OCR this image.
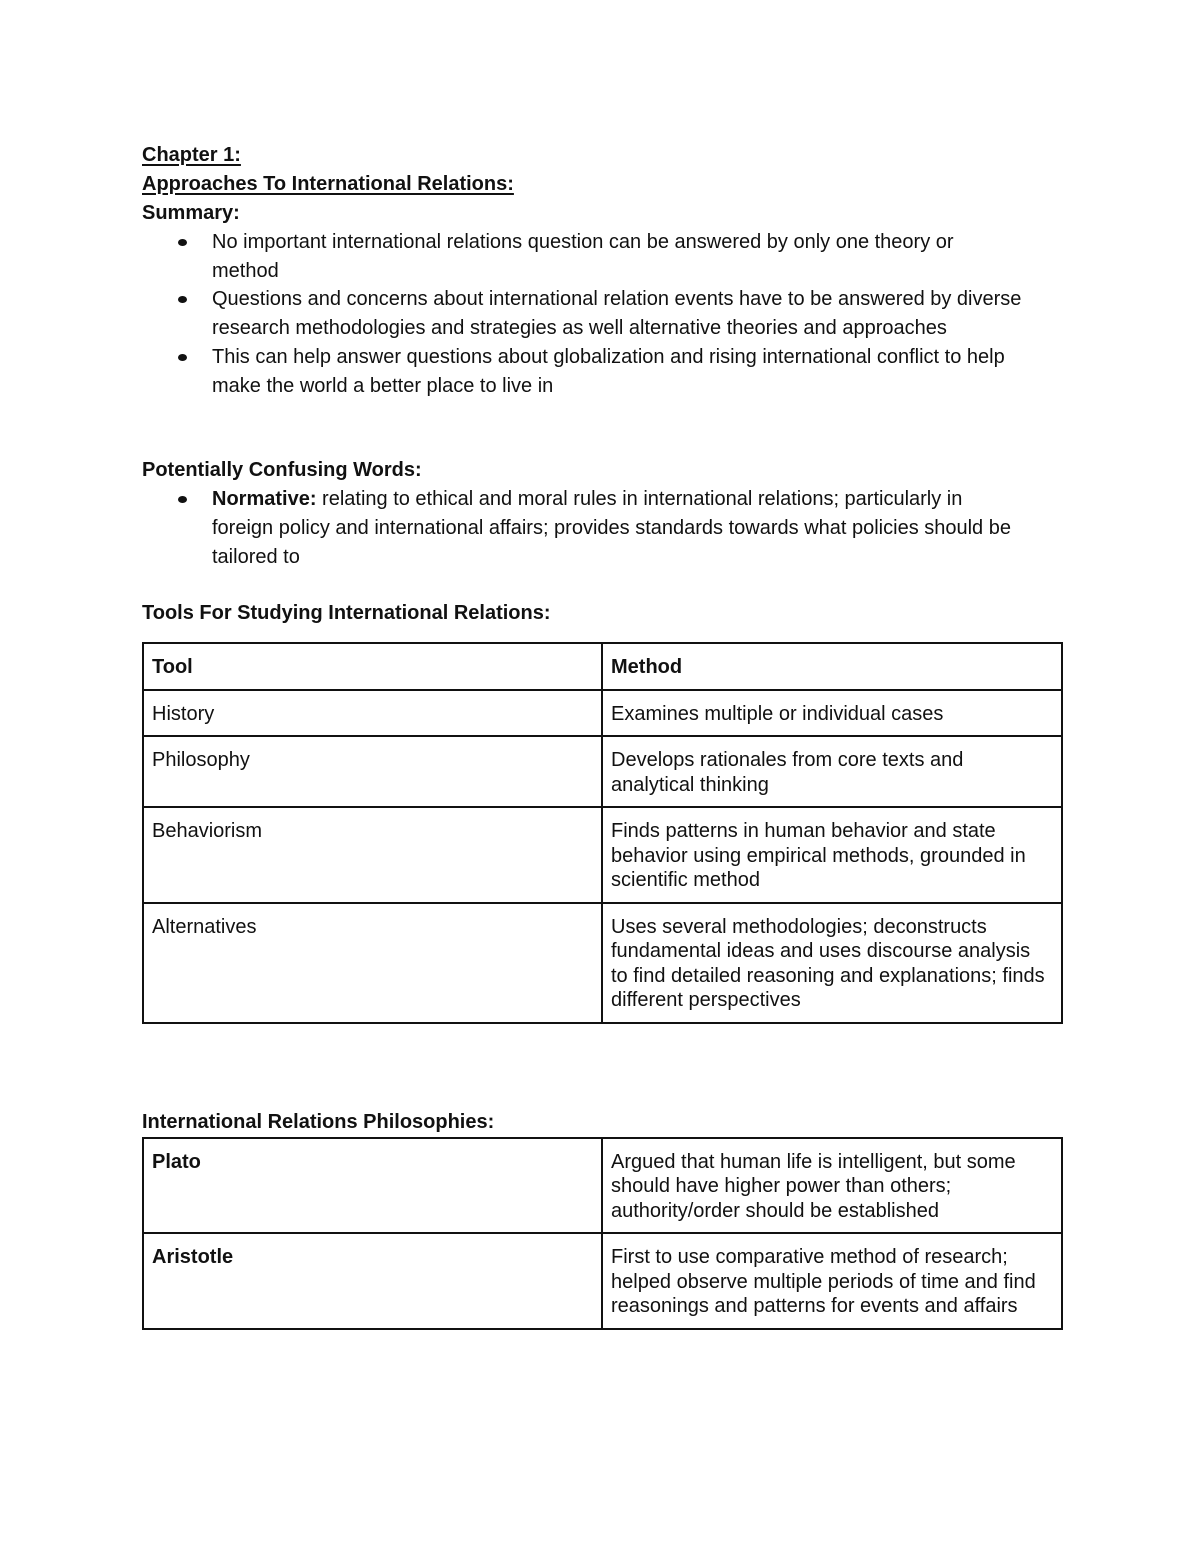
Chapter 1:
Approaches To International Relations:
Summary:
No important international relations question can be answered by only one theory or method
Questions and concerns about international relation events have to be answered by diverse research methodologies and strategies as well alternative theories and approaches
This can help answer questions about globalization and rising international conflict to help make the world a better place to live in
Potentially Confusing Words:
Normative: relating to ethical and moral rules in international relations; particularly in foreign policy and international affairs; provides standards towards what policies should be tailored to
Tools For Studying International Relations:
Tool	Method
History	Examines multiple or individual cases
Philosophy	Develops rationales from core texts and analytical thinking
Behaviorism	Finds patterns in human behavior and state behavior using empirical methods, grounded in scientific method
Alternatives	Uses several methodologies; deconstructs fundamental ideas and uses discourse analysis to find detailed reasoning and explanations; finds different perspectives
International Relations Philosophies:
Plato	Argued that human life is intelligent, but some should have higher power than others; authority/order should be established
Aristotle	First to use comparative method of research; helped observe multiple periods of time and find reasonings and patterns for events and affairs
